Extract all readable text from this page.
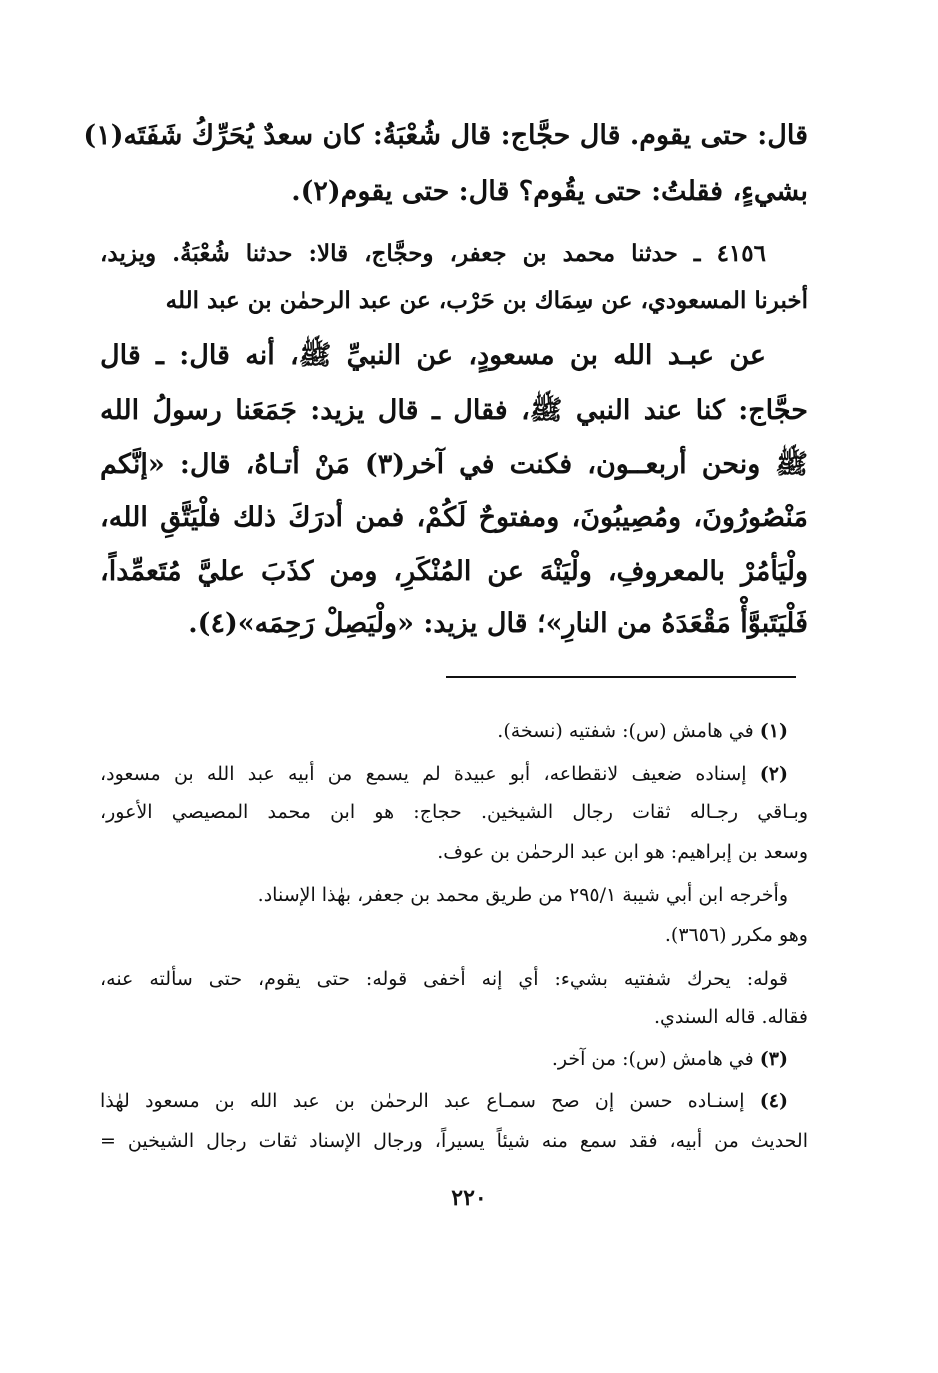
قال: حتى يقوم. قال حجَّاج: قال شُعْبَةُ: كان سعدٌ يُحَرِّكُ شَفَتَه(١)
بشيءٍ، فقلتُ: حتى يقُوم؟ قال: حتى يقوم(٢).
٤١٥٦ ـ حدثنا محمد بن جعفر، وحجَّاج، قالا: حدثنا شُعْبَةُ. ويزيد،
أخبرنا المسعودي، عن سِمَاك بن حَرْب، عن عبد الرحمٰن بن عبد الله
عن عبـد الله بن مسعودٍ، عن النبيِّ ﷺ، أنه قال: ـ قال
حجَّاج: كنا عند النبي ﷺ، فقال ـ قال يزيد: جَمَعَنا رسولُ الله
ﷺ ونحن أربعــون، فكنت في آخر(٣) مَنْ أتـاهُ، قال: «إنَّكم
مَنْصُورُونَ، ومُصِيبُونَ، ومفتوحٌ لَكُمْ، فمن أدرَكَ ذلك فلْيَتَّقِ الله،
ولْيَأمُرْ بالمعروفِ، ولْيَنْهَ عن المُنْكَرِ، ومن كذَبَ عليَّ مُتَعمِّداً،
فَلْيَتَبوَّأْ مَقْعَدَهُ من النارِ»؛ قال يزيد: «ولْيَصِلْ رَحِمَه»(٤).
(١) في هامش (س): شفتيه (نسخة).
(٢) إسناده ضعيف لانقطاعه، أبو عبيدة لم يسمع من أبيه عبد الله بن مسعود،
وبـاقي رجـاله ثقات رجال الشيخين. حجاج: هو ابن محمد المصيصي الأعور،
وسعد بن إبراهيم: هو ابن عبد الرحمٰن بن عوف.
وأخرجه ابن أبي شيبة ٢٩٥/١ من طريق محمد بن جعفر، بهٰذا الإسناد.
وهو مكرر (٣٦٥٦).
قوله: يحرك شفتيه بشيء: أي إنه أخفى قوله: حتى يقوم، حتى سألته عنه،
فقاله. قاله السندي.
(٣) في هامش (س): من آخر.
(٤) إسنـاده حسن إن صح سمـاع عبد الرحمٰن بن عبد الله بن مسعود لهٰذا
الحديث من أبيه، فقد سمع منه شيئاً يسيراً، ورجال الإسناد ثقات رجال الشيخين =
٢٢٠
